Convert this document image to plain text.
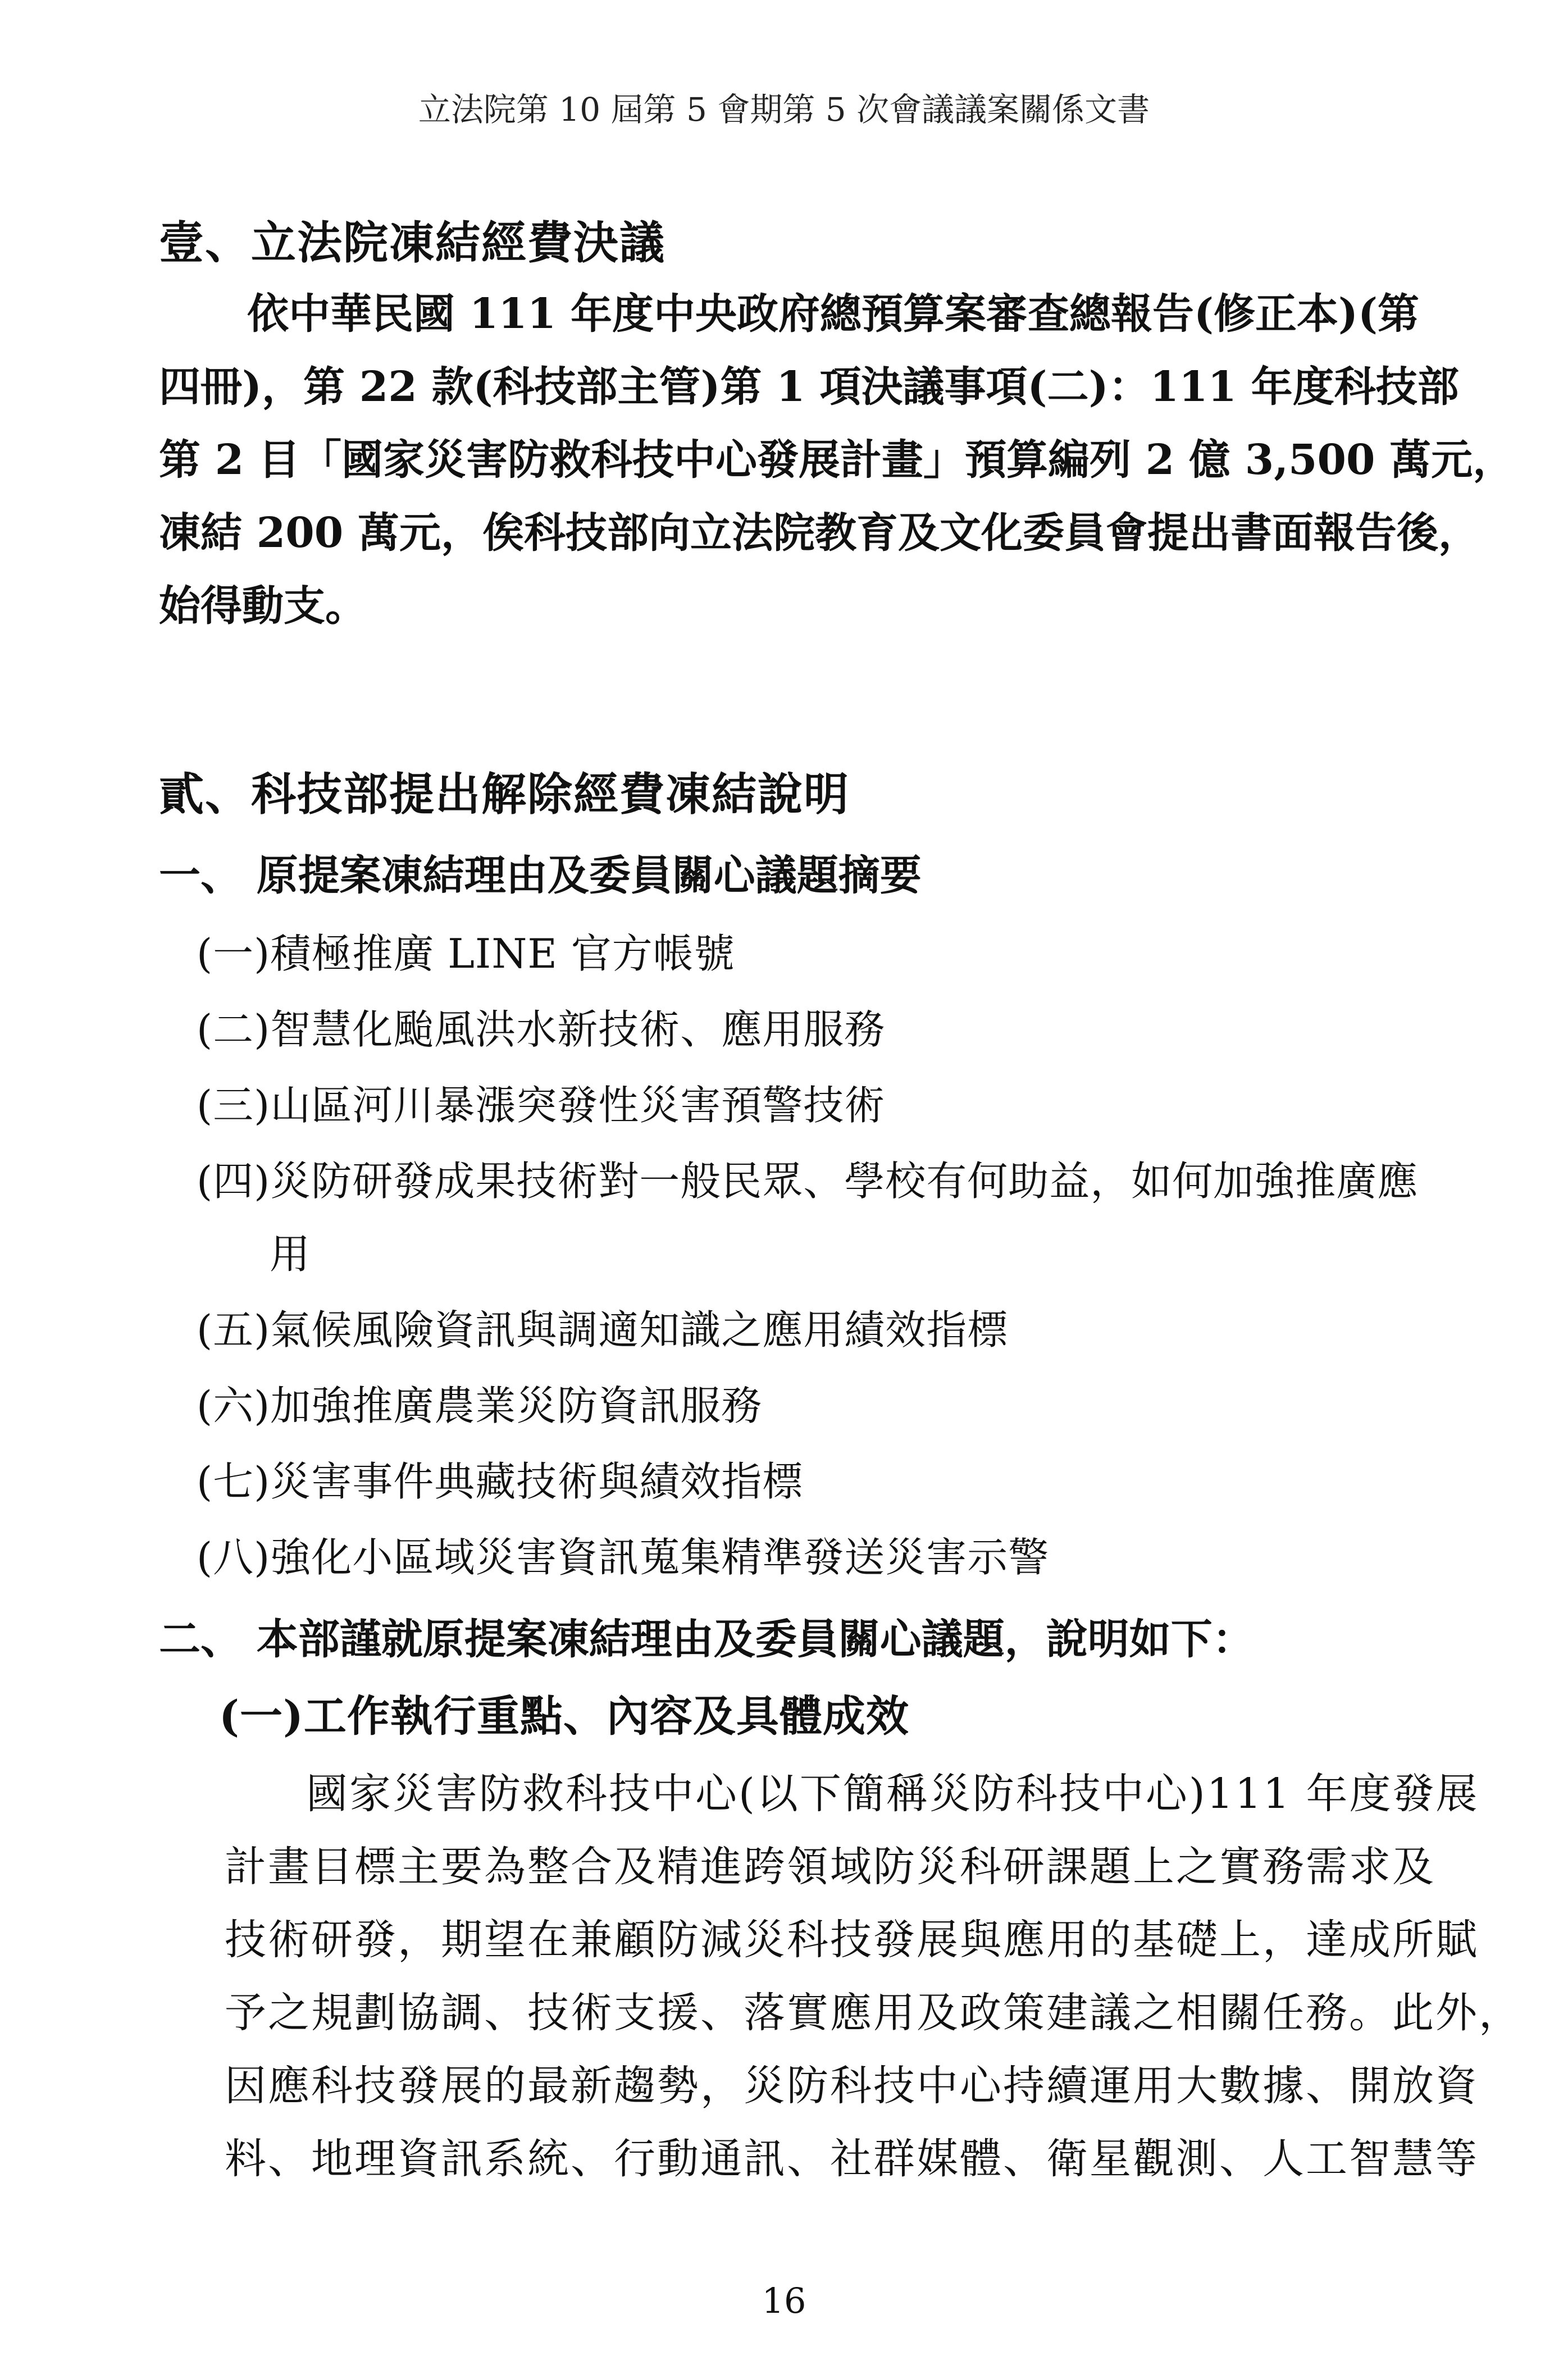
立法院第 10 屆第 5 會期第 5 次會議議案關係文書
壹、立法院凍結經費決議
依中華民國 111 年度中央政府總預算案審查總報告(修正本)(第
四冊)，第 22 款(科技部主管)第 1 項決議事項(二)：111 年度科技部
第 2 目「國家災害防救科技中心發展計畫」預算編列 2 億 3,500 萬元，
凍結 200 萬元，俟科技部向立法院教育及文化委員會提出書面報告後，
始得動支。
貳、科技部提出解除經費凍結說明
一、 原提案凍結理由及委員關心議題摘要
(一)積極推廣 LINE 官方帳號
(二)智慧化颱風洪水新技術、應用服務
(三)山區河川暴漲突發性災害預警技術
(四)災防研發成果技術對一般民眾、學校有何助益，如何加強推廣應
用
(五)氣候風險資訊與調適知識之應用績效指標
(六)加強推廣農業災防資訊服務
(七)災害事件典藏技術與績效指標
(八)強化小區域災害資訊蒐集精準發送災害示警
二、 本部謹就原提案凍結理由及委員關心議題，說明如下：
(一)工作執行重點、內容及具體成效
國家災害防救科技中心(以下簡稱災防科技中心)111 年度發展
計畫目標主要為整合及精進跨領域防災科研課題上之實務需求及
技術研發，期望在兼顧防減災科技發展與應用的基礎上，達成所賦
予之規劃協調、技術支援、落實應用及政策建議之相關任務。此外，
因應科技發展的最新趨勢，災防科技中心持續運用大數據、開放資
料、地理資訊系統、行動通訊、社群媒體、衛星觀測、人工智慧等
16
